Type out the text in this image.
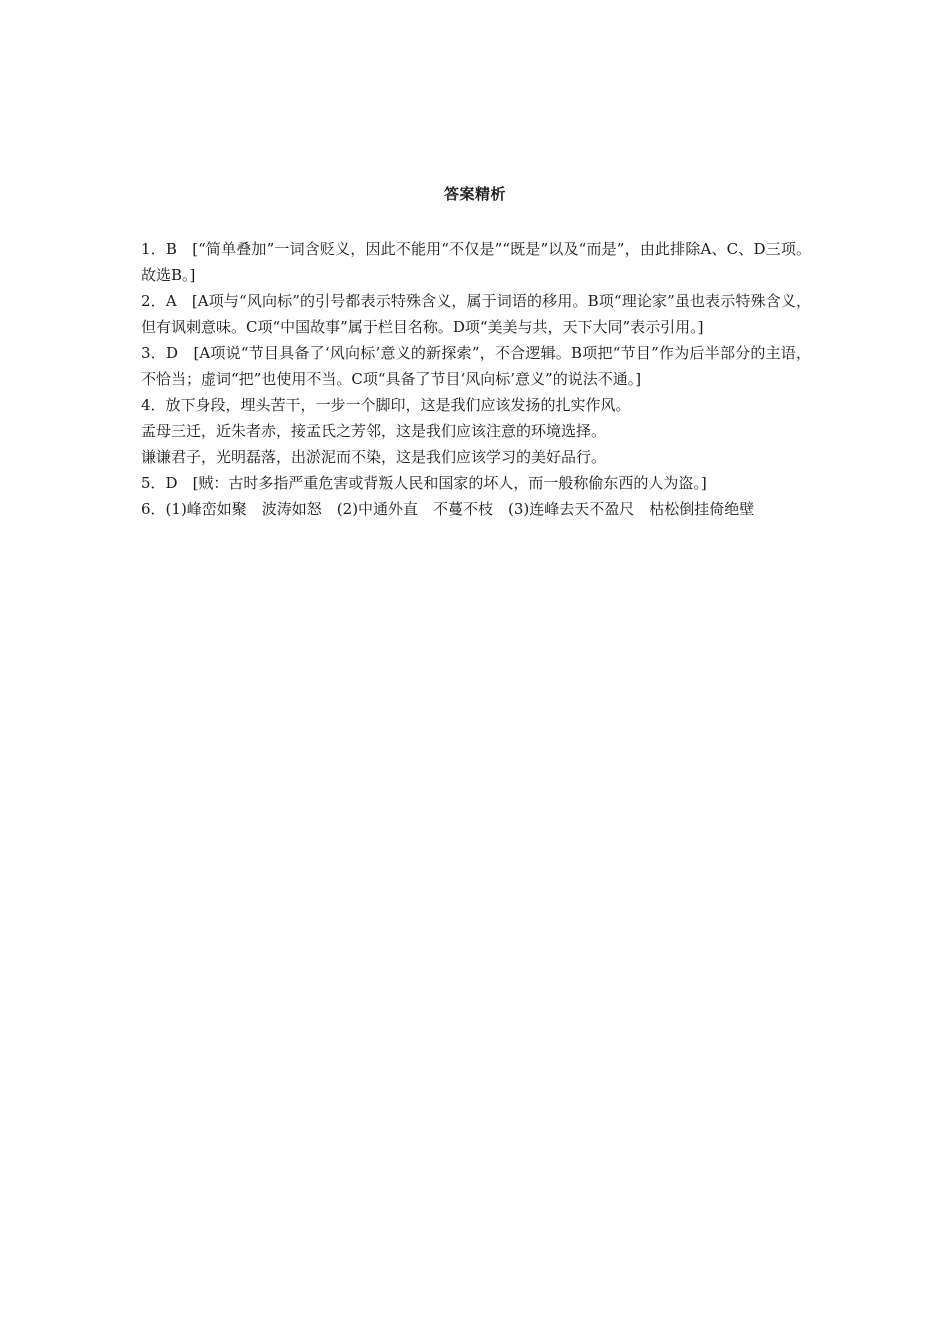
答案精析

1．B　[“简单叠加”一词含贬义，因此不能用“不仅是”“既是”以及“而是”，由此排除A、C、D三项。故选B。]

2．A　[A项与“风向标”的引号都表示特殊含义，属于词语的移用。B项“理论家”虽也表示特殊含义，但有讽刺意味。C项“中国故事”属于栏目名称。D项“美美与共，天下大同”表示引用。]

3．D　[A项说“节目具备了‘风向标’意义的新探索”，不合逻辑。B项把“节目”作为后半部分的主语，不恰当；虚词“把”也使用不当。C项“具备了节目‘风向标’意义”的说法不通。]

4．放下身段，埋头苦干，一步一个脚印，这是我们应该发扬的扎实作风。

孟母三迁，近朱者赤，接孟氏之芳邻，这是我们应该注意的环境选择。

谦谦君子，光明磊落，出淤泥而不染，这是我们应该学习的美好品行。

5．D　[贼：古时多指严重危害或背叛人民和国家的坏人，而一般称偷东西的人为盗。]

6．(1)峰峦如聚　波涛如怒　(2)中通外直　不蔓不枝　(3)连峰去天不盈尺　枯松倒挂倚绝壁
